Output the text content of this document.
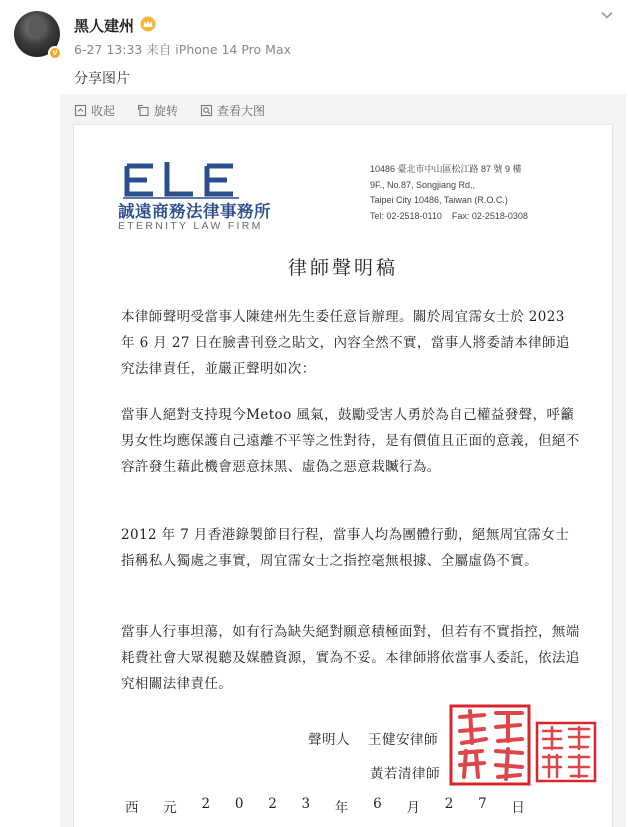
v
黑人建州
6-27 13:33 来自 iPhone 14 Pro Max
分享图片
收起	旋转	查看大图
誠遠商務法律事務所
ETERNITY LAW FIRM
10486 臺北市中山區松江路 87 號 9 樓
9F., No.87, Songjiang Rd.,
Taipei City 10486, Taiwan (R.O.C.)
Tel: 02-2518-0110 Fax: 02-2518-0308
律師聲明稿
本律師聲明受當事人陳建州先生委任意旨辦理。關於周宜霈女士於 2023 年 6 月 27 日在臉書刊登之貼文，內容全然不實，當事人將委請本律師追究法律責任，並嚴正聲明如次：
當事人絕對支持現今Metoo 風氣，鼓勵受害人勇於為自己權益發聲，呼籲男女性均應保護自己遠離不平等之性對待，是有價值且正面的意義，但絕不容許發生藉此機會惡意抹黑、虛偽之惡意栽贓行為。
2012 年 7 月香港錄製節目行程，當事人均為團體行動，絕無周宜霈女士指稱私人獨處之事實，周宜霈女士之指控毫無根據、全屬虛偽不實。
當事人行事坦蕩，如有行為缺失絕對願意積極面對，但若有不實指控，無端耗費社會大眾視聽及媒體資源，實為不妥。本律師將依當事人委託，依法追究相關法律責任。
聲明人 王健安律師
黃若清律師
西 元 2 0 2 3 年 6 月 2 7 日
